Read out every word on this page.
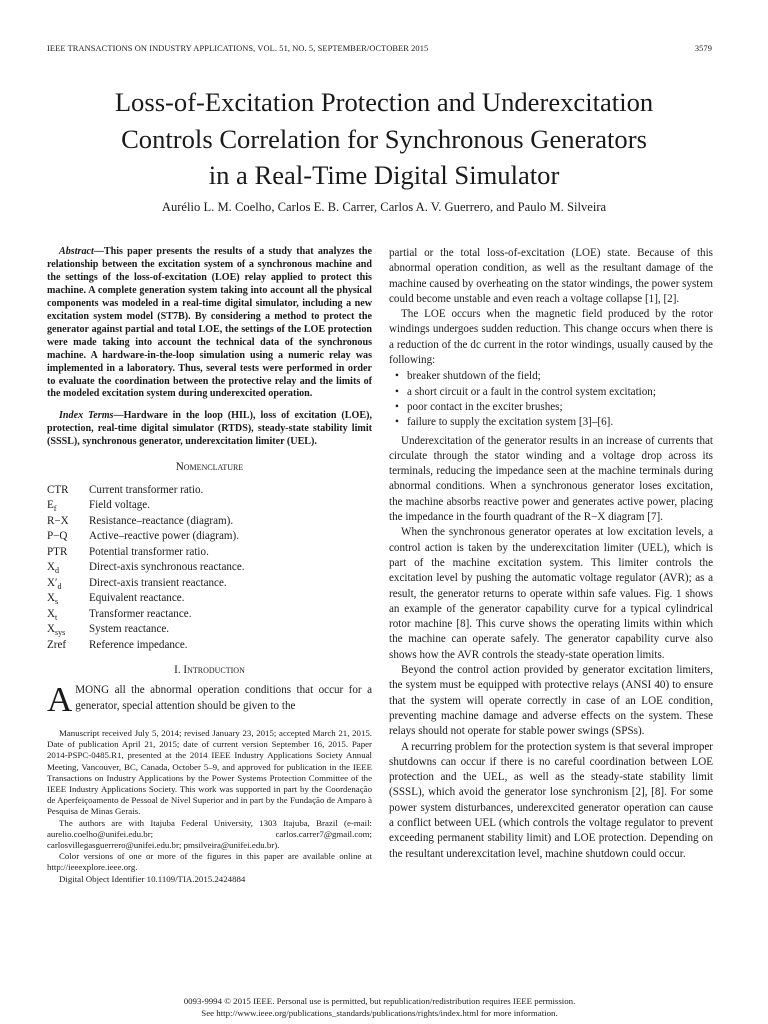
IEEE TRANSACTIONS ON INDUSTRY APPLICATIONS, VOL. 51, NO. 5, SEPTEMBER/OCTOBER 2015	3579
Loss-of-Excitation Protection and Underexcitation
Controls Correlation for Synchronous Generators
in a Real-Time Digital Simulator
Aurélio L. M. Coelho, Carlos E. B. Carrer, Carlos A. V. Guerrero, and Paulo M. Silveira

Abstract—This paper presents the results of a study that analyzes the relationship between the excitation system of a synchronous machine and the settings of the loss-of-excitation (LOE) relay applied to protect this machine. A complete generation system taking into account all the physical components was modeled in a real-time digital simulator, including a new excitation system model (ST7B). By considering a method to protect the generator against partial and total LOE, the settings of the LOE protection were made taking into account the technical data of the synchronous machine. A hardware-in-the-loop simulation using a numeric relay was implemented in a laboratory. Thus, several tests were performed in order to evaluate the coordination between the protective relay and the limits of the modeled excitation system during underexcited operation.

Index Terms—Hardware in the loop (HIL), loss of excitation (LOE), protection, real-time digital simulator (RTDS), steady-state stability limit (SSSL), synchronous generator, underexcitation limiter (UEL).

Nomenclature

CTR	Current transformer ratio.
$E_f$	Field voltage.
R−X	Resistance–reactance (diagram).
P−Q	Active–reactive power (diagram).
PTR	Potential transformer ratio.
$X_d$	Direct-axis synchronous reactance.
$X'_d$	Direct-axis transient reactance.
$X_s$	Equivalent reactance.
$X_t$	Transformer reactance.
$X_{sys}$	System reactance.
Zref	Reference impedance.

I. Introduction

AMONG all the abnormal operation conditions that occur for a generator, special attention should be given to the

Manuscript received July 5, 2014; revised January 23, 2015; accepted March 21, 2015. Date of publication April 21, 2015; date of current version September 16, 2015. Paper 2014-PSPC-0485.R1, presented at the 2014 IEEE Industry Applications Society Annual Meeting, Vancouver, BC, Canada, October 5–9, and approved for publication in the IEEE Transactions on Industry Applications by the Power Systems Protection Committee of the IEEE Industry Applications Society. This work was supported in part by the Coordenação de Aperfeiçoamento de Pessoal de Nível Superior and in part by the Fundação de Amparo à Pesquisa de Minas Gerais.

The authors are with Itajuba Federal University, 1303 Itajuba, Brazil (e-mail: aurelio.coelho@unifei.edu.br; carlos.carrer7@gmail.com; carlosvillegasguerrero@unifei.edu.br; pmsilveira@unifei.edu.br).

Color versions of one or more of the figures in this paper are available online at http://ieeexplore.ieee.org.

Digital Object Identifier 10.1109/TIA.2015.2424884

partial or the total loss-of-excitation (LOE) state. Because of this abnormal operation condition, as well as the resultant damage of the machine caused by overheating on the stator windings, the power system could become unstable and even reach a voltage collapse [1], [2].

The LOE occurs when the magnetic field produced by the rotor windings undergoes sudden reduction. This change occurs when there is a reduction of the dc current in the rotor windings, usually caused by the following:

• breaker shutdown of the field;
• a short circuit or a fault in the control system excitation;
• poor contact in the exciter brushes;
• failure to supply the excitation system [3]–[6].

Underexcitation of the generator results in an increase of currents that circulate through the stator winding and a voltage drop across its terminals, reducing the impedance seen at the machine terminals during abnormal conditions. When a synchronous generator loses excitation, the machine absorbs reactive power and generates active power, placing the impedance in the fourth quadrant of the R−X diagram [7].

When the synchronous generator operates at low excitation levels, a control action is taken by the underexcitation limiter (UEL), which is part of the machine excitation system. This limiter controls the excitation level by pushing the automatic voltage regulator (AVR); as a result, the generator returns to operate within safe values. Fig. 1 shows an example of the generator capability curve for a typical cylindrical rotor machine [8]. This curve shows the operating limits within which the machine can operate safely. The generator capability curve also shows how the AVR controls the steady-state operation limits.

Beyond the control action provided by generator excitation limiters, the system must be equipped with protective relays (ANSI 40) to ensure that the system will operate correctly in case of an LOE condition, preventing machine damage and adverse effects on the system. These relays should not operate for stable power swings (SPSs).

A recurring problem for the protection system is that several improper shutdowns can occur if there is no careful coordination between LOE protection and the UEL, as well as the steady-state stability limit (SSSL), which avoid the generator lose synchronism [2], [8]. For some power system disturbances, underexcited generator operation can cause a conflict between UEL (which controls the voltage regulator to prevent exceeding permanent stability limit) and LOE protection. Depending on the resultant underexcitation level, machine shutdown could occur.

0093-9994 © 2015 IEEE. Personal use is permitted, but republication/redistribution requires IEEE permission.
See http://www.ieee.org/publications_standards/publications/rights/index.html for more information.
